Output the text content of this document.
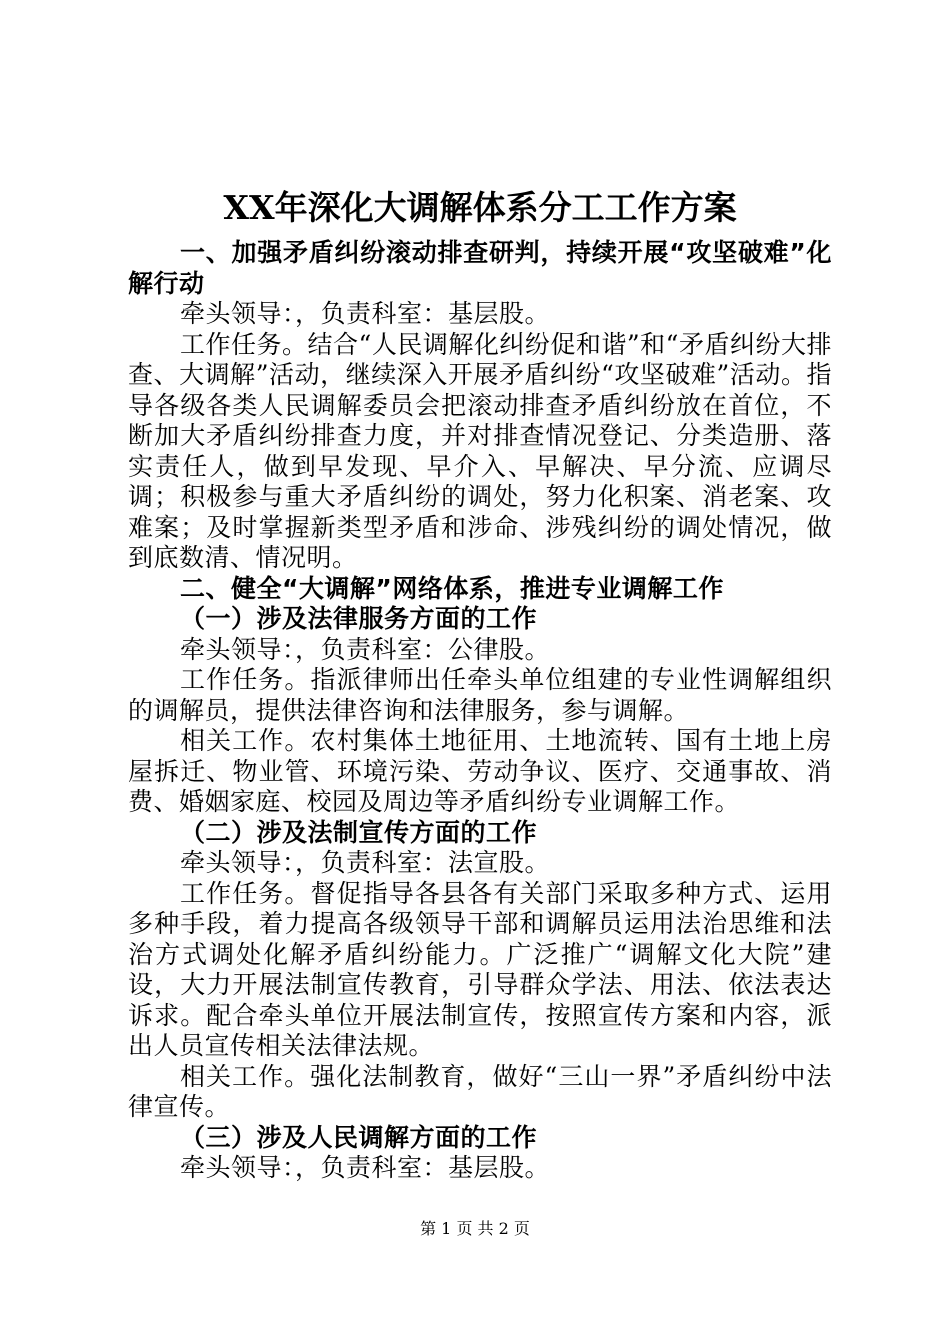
XX年深化大调解体系分工工作方案

一、加强矛盾纠纷滚动排查研判，持续开展“攻坚破难”化解行动

牵头领导：，负责科室：基层股。

工作任务。结合“人民调解化纠纷促和谐”和“矛盾纠纷大排查、大调解”活动，继续深入开展矛盾纠纷“攻坚破难”活动。指导各级各类人民调解委员会把滚动排查矛盾纠纷放在首位，不断加大矛盾纠纷排查力度，并对排查情况登记、分类造册、落实责任人，做到早发现、早介入、早解决、早分流、应调尽调；积极参与重大矛盾纠纷的调处，努力化积案、消老案、攻难案；及时掌握新类型矛盾和涉命、涉残纠纷的调处情况，做到底数清、情况明。

二、健全“大调解”网络体系，推进专业调解工作

（一）涉及法律服务方面的工作

牵头领导：，负责科室：公律股。

工作任务。指派律师出任牵头单位组建的专业性调解组织的调解员，提供法律咨询和法律服务，参与调解。

相关工作。农村集体土地征用、土地流转、国有土地上房屋拆迁、物业管、环境污染、劳动争议、医疗、交通事故、消费、婚姻家庭、校园及周边等矛盾纠纷专业调解工作。

（二）涉及法制宣传方面的工作

牵头领导：，负责科室：法宣股。

工作任务。督促指导各县各有关部门采取多种方式、运用多种手段，着力提高各级领导干部和调解员运用法治思维和法治方式调处化解矛盾纠纷能力。广泛推广“调解文化大院”建设，大力开展法制宣传教育，引导群众学法、用法、依法表达诉求。配合牵头单位开展法制宣传，按照宣传方案和内容，派出人员宣传相关法律法规。

相关工作。强化法制教育，做好“三山一界”矛盾纠纷中法律宣传。

（三）涉及人民调解方面的工作

牵头领导：，负责科室：基层股。

第 1 页 共 2 页
